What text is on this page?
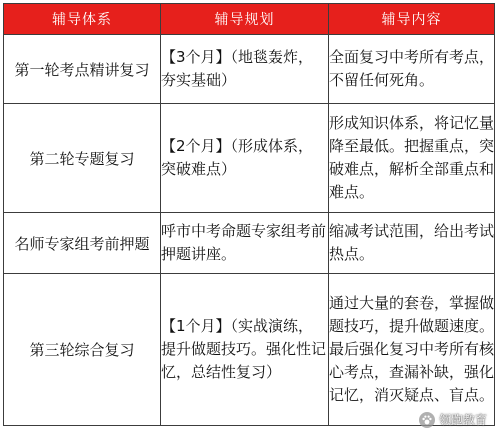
辅导体系	辅导规划	辅导内容
第一轮考点精讲复习	【3个月】（地毯轰炸，夯实基础）	全面复习中考所有考点，不留任何死角。
第二轮专题复习	【2个月】（形成体系，突破难点）	形成知识体系，将记忆量降至最低。把握重点，突破难点，解析全部重点和难点。
名师专家组考前押题	呼市中考命题专家组考前押题讲座。	缩减考试范围，给出考试热点。
第三轮综合复习	【1个月】（实战演练，提升做题技巧。强化性记忆，总结性复习）	通过大量的套卷，掌握做题技巧，提升做题速度。最后强化复习中考所有核心考点，查漏补缺，强化记忆，消灭疑点、盲点。
领跑教育
